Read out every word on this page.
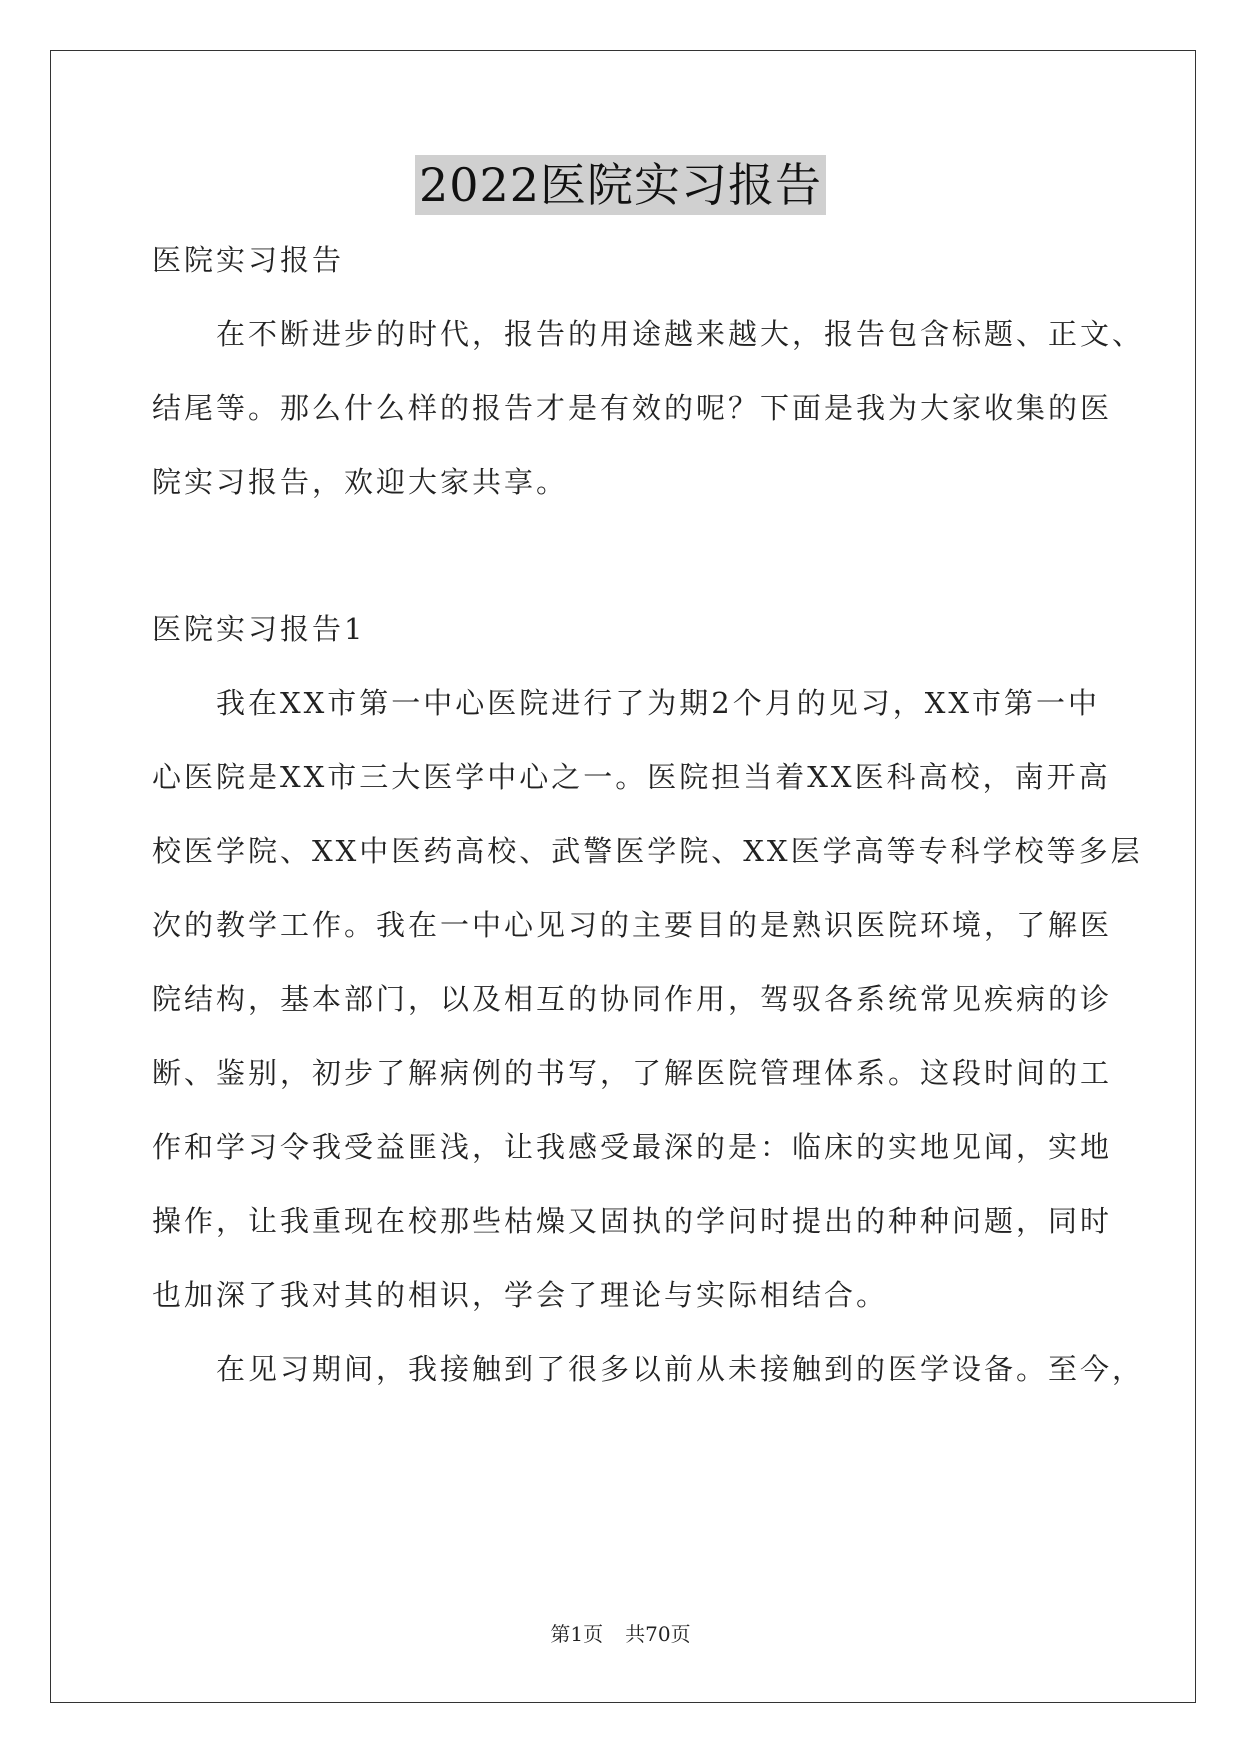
2022医院实习报告
医院实习报告
　　在不断进步的时代，报告的用途越来越大，报告包含标题、正文、
结尾等。那么什么样的报告才是有效的呢？下面是我为大家收集的医
院实习报告，欢迎大家共享。
医院实习报告1
　　我在XX市第一中心医院进行了为期2个月的见习，XX市第一中
心医院是XX市三大医学中心之一。医院担当着XX医科高校，南开高
校医学院、XX中医药高校、武警医学院、XX医学高等专科学校等多层
次的教学工作。我在一中心见习的主要目的是熟识医院环境，了解医
院结构，基本部门，以及相互的协同作用，驾驭各系统常见疾病的诊
断、鉴别，初步了解病例的书写，了解医院管理体系。这段时间的工
作和学习令我受益匪浅，让我感受最深的是：临床的实地见闻，实地
操作，让我重现在校那些枯燥又固执的学问时提出的种种问题，同时
也加深了我对其的相识，学会了理论与实际相结合。
　　在见习期间，我接触到了很多以前从未接触到的医学设备。至今，
第1页 共70页
